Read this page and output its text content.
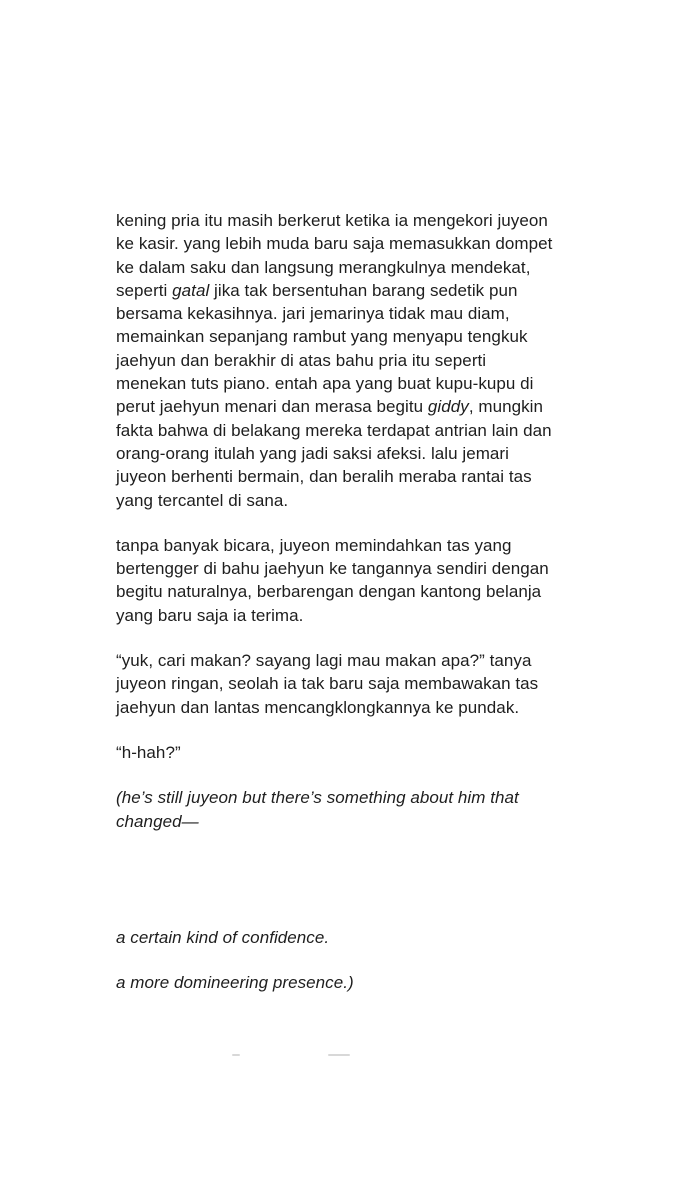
kening pria itu masih berkerut ketika ia mengekori juyeon
ke kasir. yang lebih muda baru saja memasukkan dompet
ke dalam saku dan langsung merangkulnya mendekat,
seperti gatal jika tak bersentuhan barang sedetik pun
bersama kekasihnya. jari jemarinya tidak mau diam,
memainkan sepanjang rambut yang menyapu tengkuk
jaehyun dan berakhir di atas bahu pria itu seperti
menekan tuts piano. entah apa yang buat kupu-kupu di
perut jaehyun menari dan merasa begitu giddy, mungkin
fakta bahwa di belakang mereka terdapat antrian lain dan
orang-orang itulah yang jadi saksi afeksi. lalu jemari
juyeon berhenti bermain, dan beralih meraba rantai tas
yang tercantel di sana.

tanpa banyak bicara, juyeon memindahkan tas yang
bertengger di bahu jaehyun ke tangannya sendiri dengan
begitu naturalnya, berbarengan dengan kantong belanja
yang baru saja ia terima.

“yuk, cari makan? sayang lagi mau makan apa?” tanya
juyeon ringan, seolah ia tak baru saja membawakan tas
jaehyun dan lantas mencangklongkannya ke pundak.

“h-hah?”

(he’s still juyeon but there’s something about him that
changed—

a certain kind of confidence.

a more domineering presence.)
